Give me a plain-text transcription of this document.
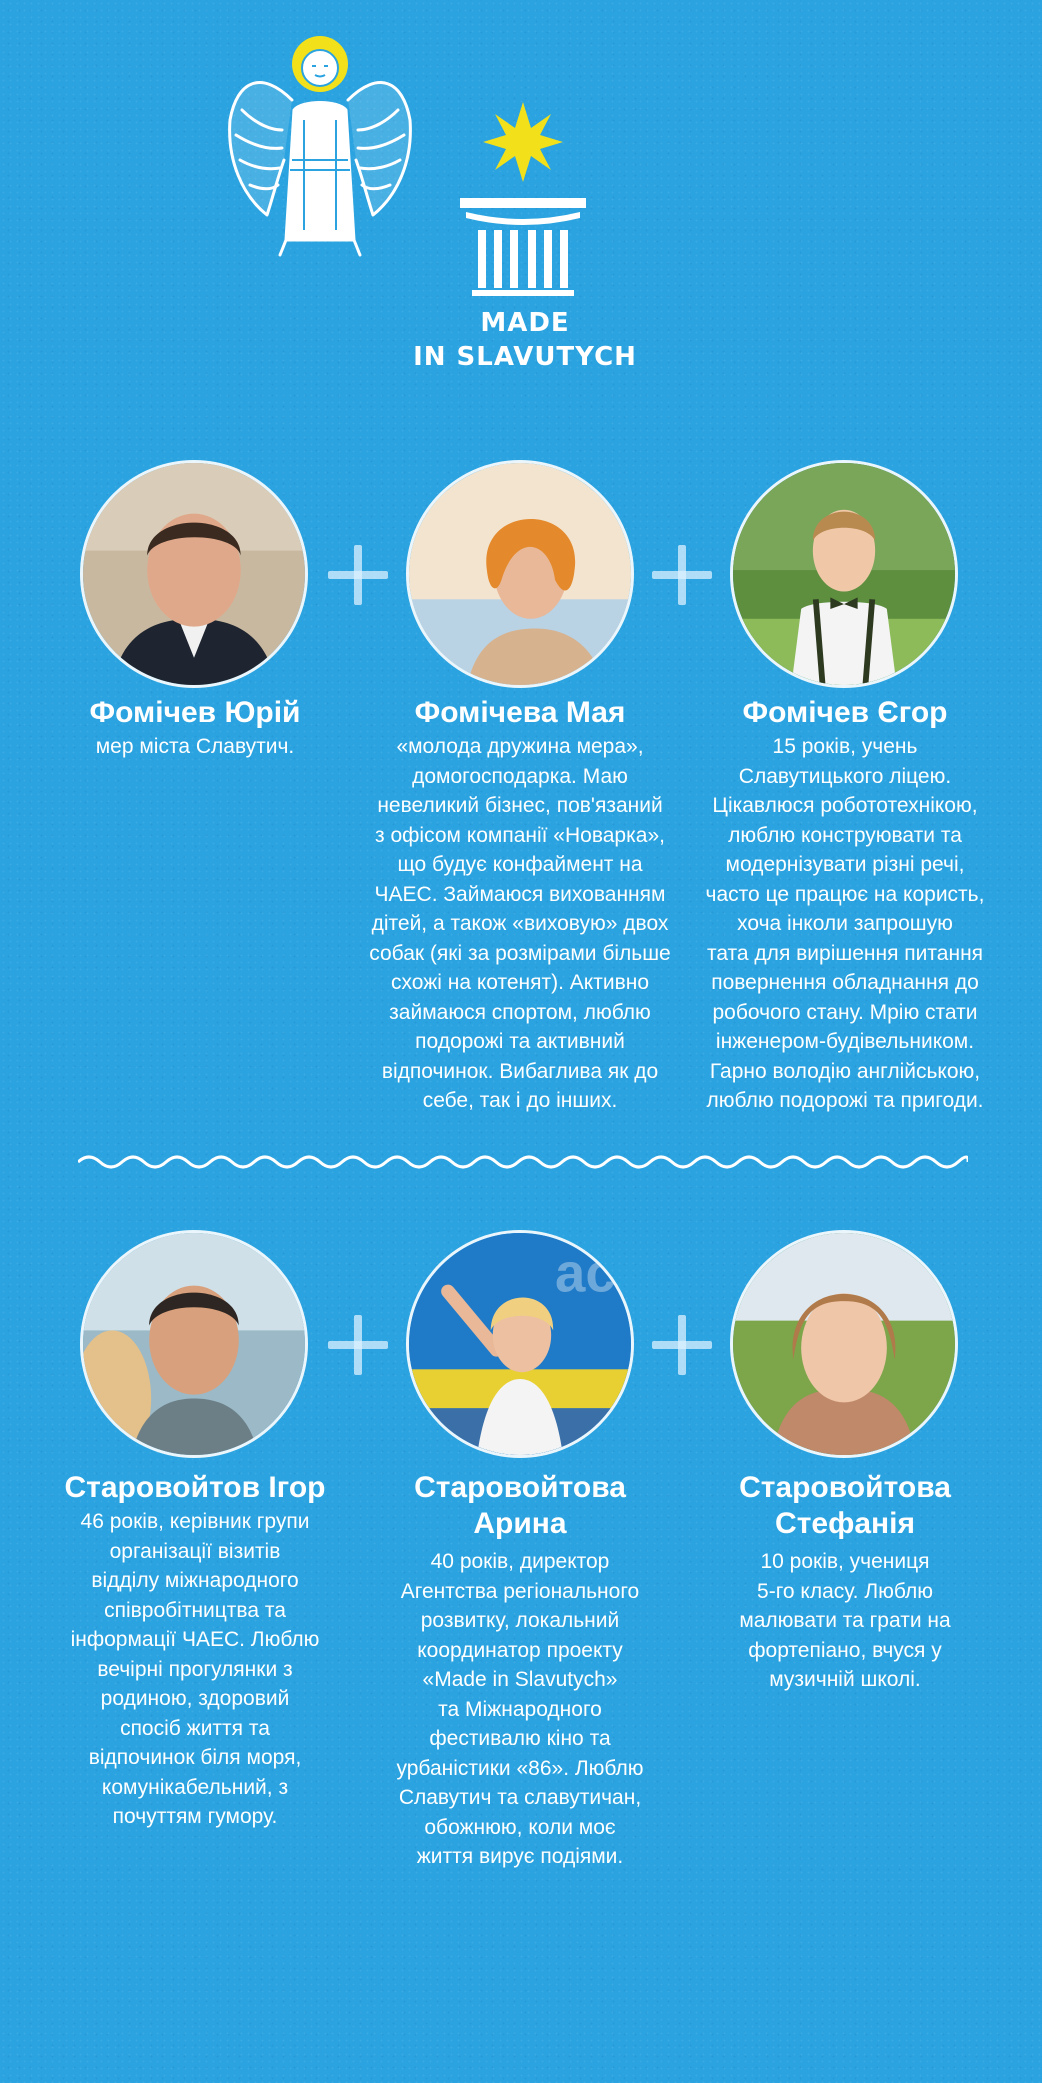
MADE
IN SLAVUTYCH
Фомічев Юрій
мер міста Славутич.
Фомічева Мая
«молода дружина мера»,
домогосподарка. Маю
невеликий бізнес, пов'язаний
з офісом компанії «Новарка»,
що будує конфаймент на
ЧАЕС. Займаюся вихованням
дітей, а також «виховую» двох
собак (які за розмірами більше
схожі на котенят). Активно
займаюся спортом, люблю
подорожі та активний
відпочинок. Вибаглива як до
себе, так і до інших.
Фомічев Єгор
15 років, учень
Славутицького ліцею.
Цікавлюся робототехнікою,
люблю конструювати та
модернізувати різні речі,
часто це працює на користь,
хоча інколи запрошую
тата для вирішення питання
повернення обладнання до
робочого стану. Мрію стати
інженером-будівельником.
Гарно володію англійською,
люблю подорожі та пригоди.
ac
Старовойтов Ігор
46 років, керівник групи
організації візитів
відділу міжнародного
співробітництва та
інформації ЧАЕС. Люблю
вечірні прогулянки з
родиною, здоровий
спосіб життя та
відпочинок біля моря,
комунікабельний, з
почуттям гумору.
Старовойтова
Арина
40 років, директор
Агентства регіонального
розвитку, локальний
координатор проекту
«Made in Slavutych»
та Міжнародного
фестивалю кіно та
урбаністики «86». Люблю
Славутич та славутичан,
обожнюю, коли моє
життя вирує подіями.
Старовойтова
Стефанія
10 років, учениця
5-го класу. Люблю
малювати та грати на
фортепіано, вчуся у
музичній школі.
